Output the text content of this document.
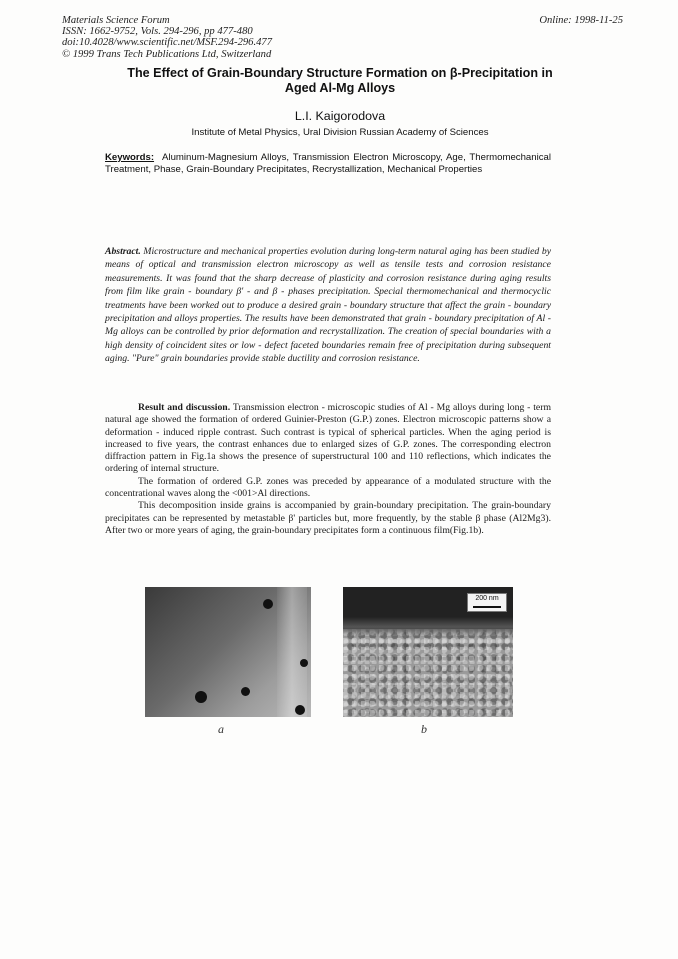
Materials Science Forum
ISSN: 1662-9752, Vols. 294-296, pp 477-480
doi:10.4028/www.scientific.net/MSF.294-296.477
© 1999 Trans Tech Publications Ltd, Switzerland
Online: 1998-11-25
The Effect of Grain-Boundary Structure Formation on β-Precipitation in
Aged Al-Mg Alloys
L.I. Kaigorodova
Institute of Metal Physics, Ural Division Russian Academy of Sciences
Keywords: Aluminum-Magnesium Alloys, Transmission Electron Microscopy, Age, Thermomechanical Treatment, Phase, Grain-Boundary Precipitates, Recrystallization, Mechanical Properties
Abstract. Microstructure and mechanical properties evolution during long-term natural aging has been studied by means of optical and transmission electron microscopy as well as tensile tests and corrosion resistance measurements. It was found that the sharp decrease of plasticity and corrosion resistance during aging results from film like grain - boundary β' - and β - phases precipitation. Special thermomechanical and thermocyclic treatments have been worked out to produce a desired grain - boundary structure that affect the grain - boundary precipitation and alloys properties. The results have been demonstrated that grain - boundary precipitation of Al - Mg alloys can be controlled by prior deformation and recrystallization. The creation of special boundaries with a high density of coincident sites or low - defect faceted boundaries remain free of precipitation during subsequent aging. "Pure" grain boundaries provide stable ductility and corrosion resistance.

Result and discussion. Transmission electron - microscopic studies of Al - Mg alloys during long - term natural age showed the formation of ordered Guinier-Preston (G.P.) zones. Electron microscopic patterns show a deformation - induced ripple contrast. Such contrast is typical of spherical particles. When the aging period is increased to five years, the contrast enhances due to enlarged sizes of G.P. zones. The corresponding electron diffraction pattern in Fig.1a shows the presence of superstructural 100 and 110 reflections, which indicates the ordering of internal structure.

The formation of ordered G.P. zones was preceded by appearance of a modulated structure with the concentrational waves along the <001>Al directions.

This decomposition inside grains is accompanied by grain-boundary precipitation. The grain-boundary precipitates can be represented by metastable β' particles but, more frequently, by the stable β phase (Al2Mg3). After two or more years of aging, the grain-boundary precipitates form a continuous film(Fig.1b).

200 nm
a	b
